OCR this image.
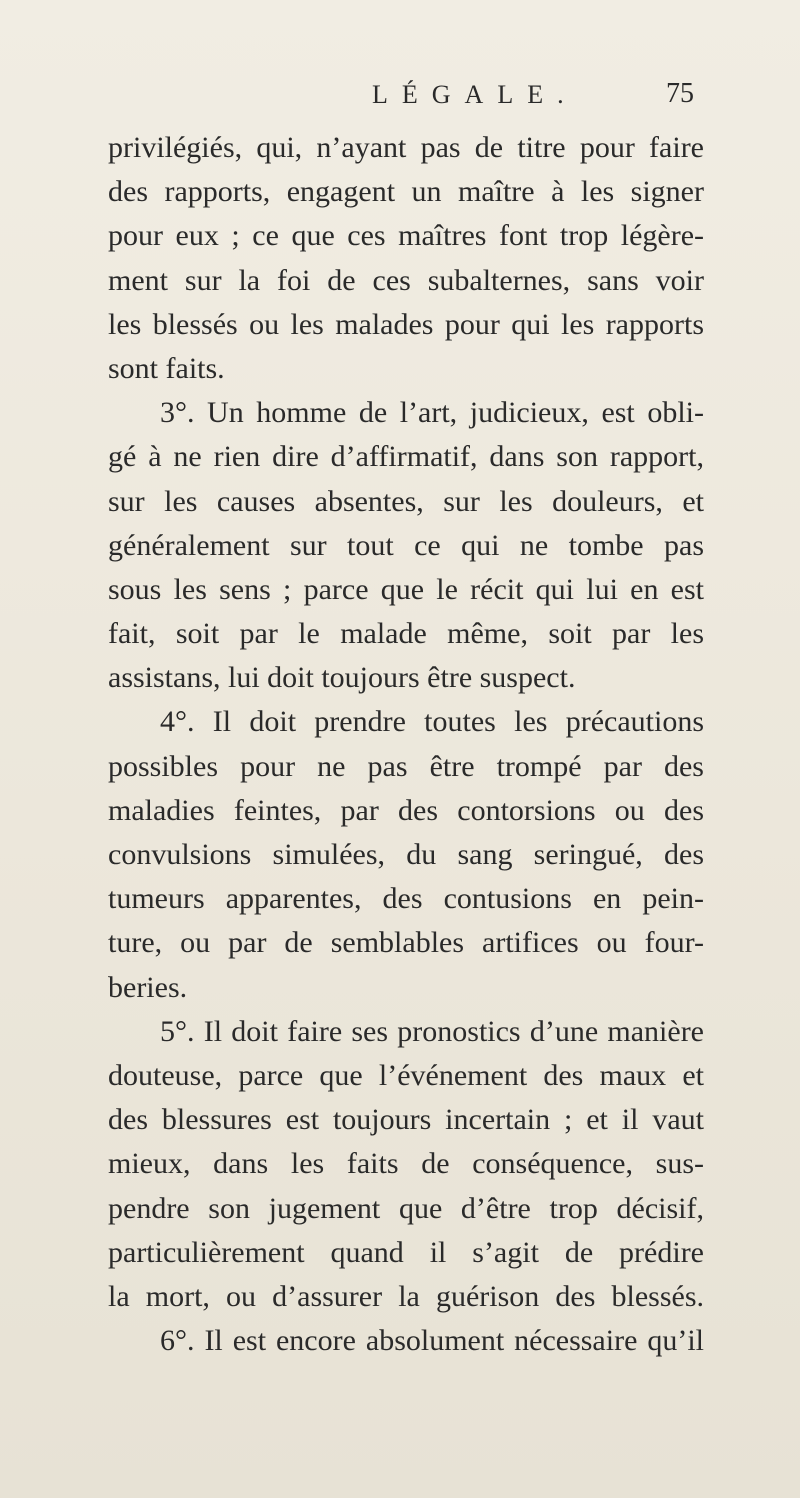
LÉGALE.	75
privilégiés, qui, n’ayant pas de titre pour faire
des rapports, engagent un maître à les signer
pour eux ; ce que ces maîtres font trop légère-
ment sur la foi de ces subalternes, sans voir
les blessés ou les malades pour qui les rapports
sont faits.
3°. Un homme de l’art, judicieux, est obli-
gé à ne rien dire d’affirmatif, dans son rapport,
sur les causes absentes, sur les douleurs, et
généralement sur tout ce qui ne tombe pas
sous les sens ; parce que le récit qui lui en est
fait, soit par le malade même, soit par les
assistans, lui doit toujours être suspect.
4°. Il doit prendre toutes les précautions
possibles pour ne pas être trompé par des
maladies feintes, par des contorsions ou des
convulsions simulées, du sang seringué, des
tumeurs apparentes, des contusions en pein-
ture, ou par de semblables artifices ou four-
beries.
5°. Il doit faire ses pronostics d’une manière
douteuse, parce que l’événement des maux et
des blessures est toujours incertain ; et il vaut
mieux, dans les faits de conséquence, sus-
pendre son jugement que d’être trop décisif,
particulièrement quand il s’agit de prédire
la mort, ou d’assurer la guérison des blessés.
6°. Il est encore absolument nécessaire qu’il
